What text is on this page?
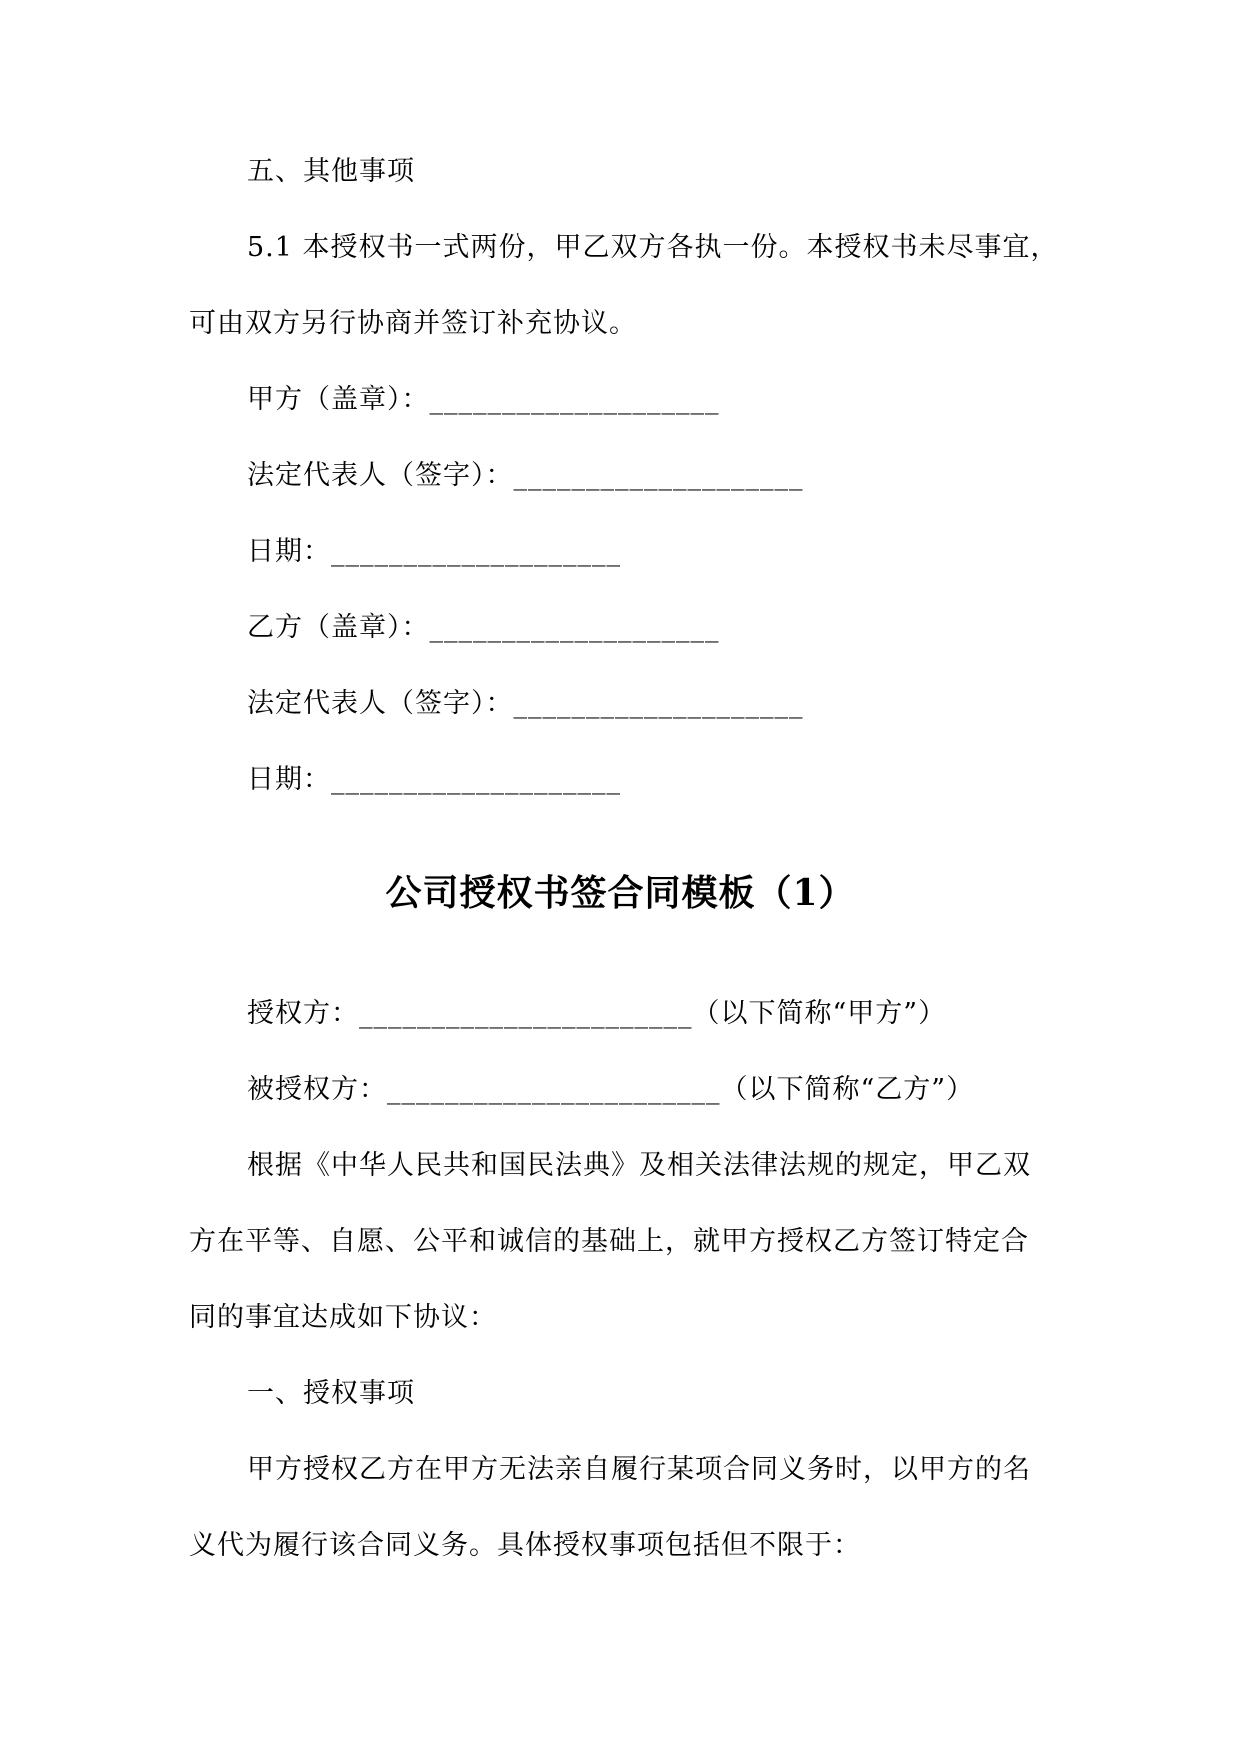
五、其他事项
5.1 本授权书一式两份，甲乙双方各执一份。本授权书未尽事宜，
可由双方另行协商并签订补充协议。
甲方（盖章）：____________________
法定代表人（签字）：____________________
日期：____________________
乙方（盖章）：____________________
法定代表人（签字）：____________________
日期：____________________
公司授权书签合同模板（1）
授权方：_______________________（以下简称“甲方”）
被授权方：_______________________（以下简称“乙方”）
根据《中华人民共和国民法典》及相关法律法规的规定，甲乙双
方在平等、自愿、公平和诚信的基础上，就甲方授权乙方签订特定合
同的事宜达成如下协议：
一、授权事项
甲方授权乙方在甲方无法亲自履行某项合同义务时，以甲方的名
义代为履行该合同义务。具体授权事项包括但不限于：
